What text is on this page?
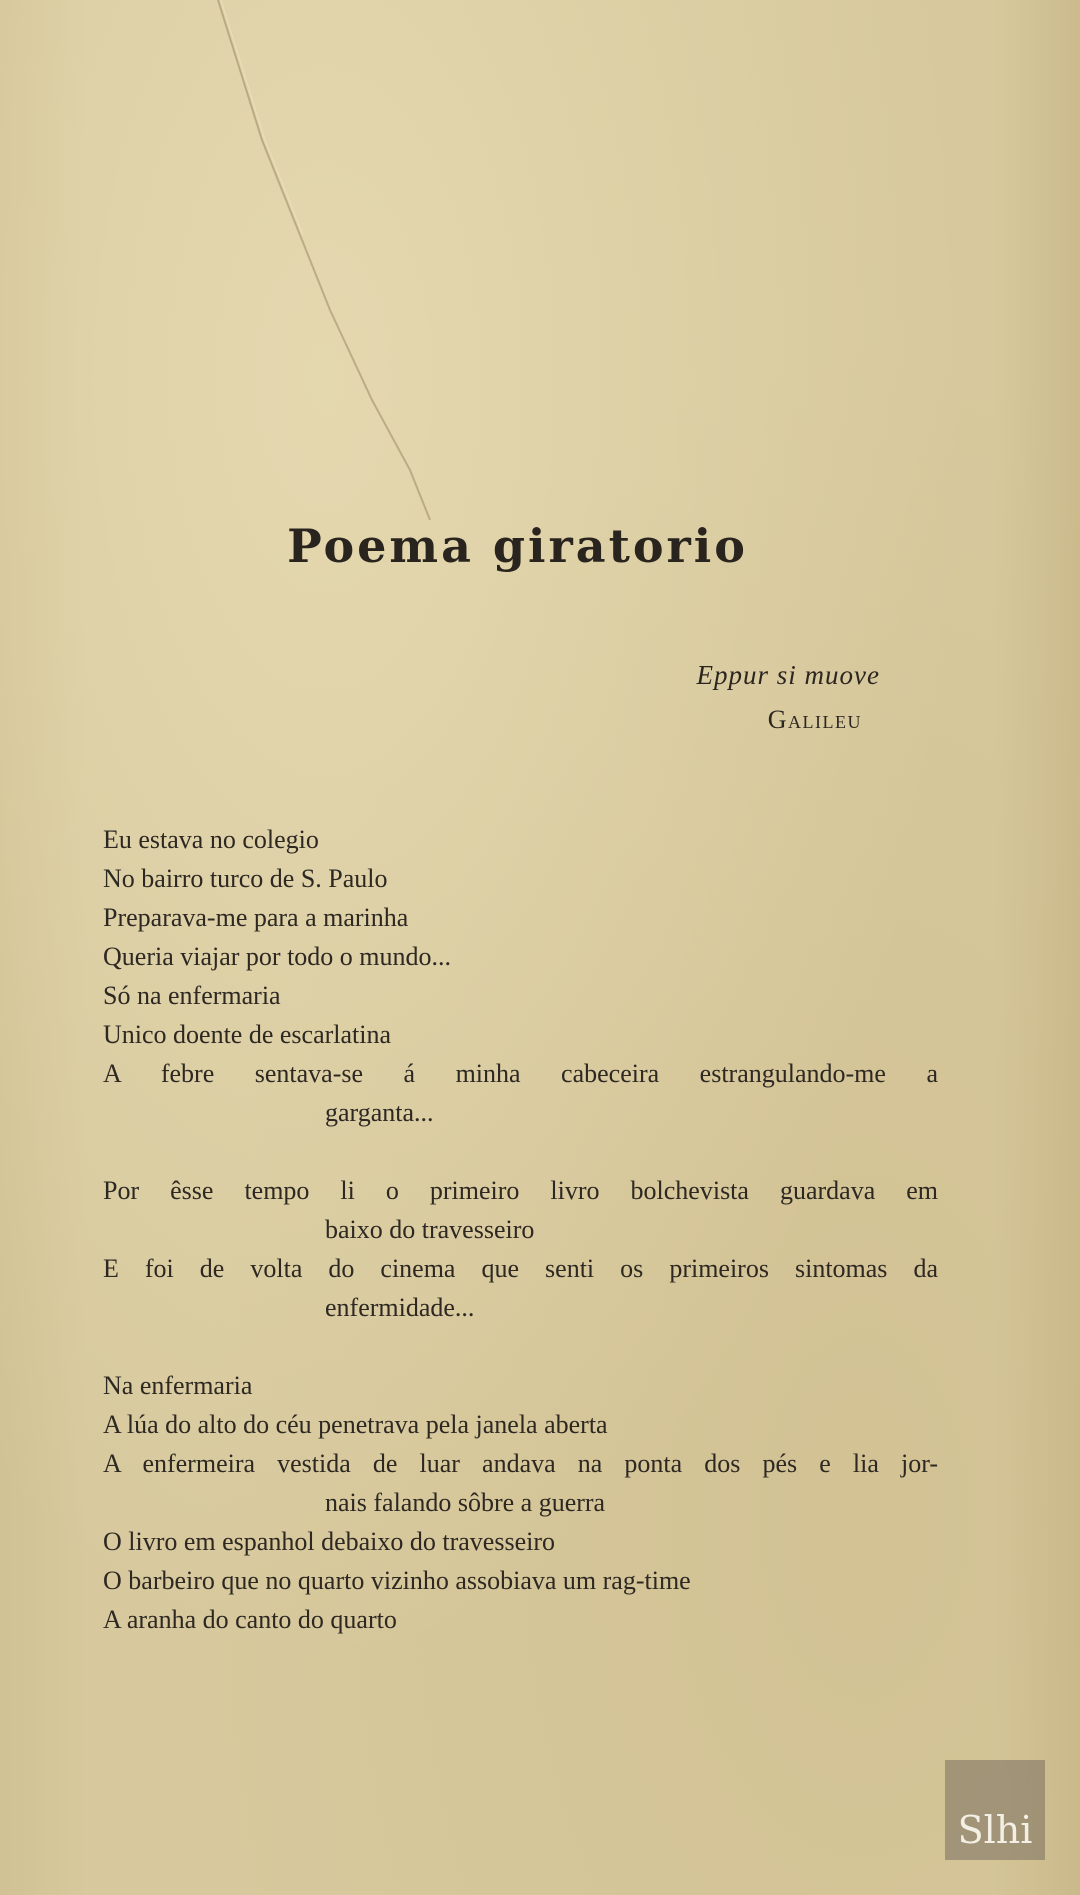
Poema giratorio
Eppur si muove
Galileu
Eu estava no colegio
No bairro turco de S. Paulo
Preparava-me para a marinha
Queria viajar por todo o mundo...
Só na enfermaria
Unico doente de escarlatina
A febre sentava-se á minha cabeceira estrangulando-me a
garganta...
Por êsse tempo li o primeiro livro bolchevista guardava em
baixo do travesseiro
E foi de volta do cinema que senti os primeiros sintomas da
enfermidade...
Na enfermaria
A lúa do alto do céu penetrava pela janela aberta
A enfermeira vestida de luar andava na ponta dos pés e lia jor-
nais falando sôbre a guerra
O livro em espanhol debaixo do travesseiro
O barbeiro que no quarto vizinho assobiava um rag-time
A aranha do canto do quarto
Slhi
